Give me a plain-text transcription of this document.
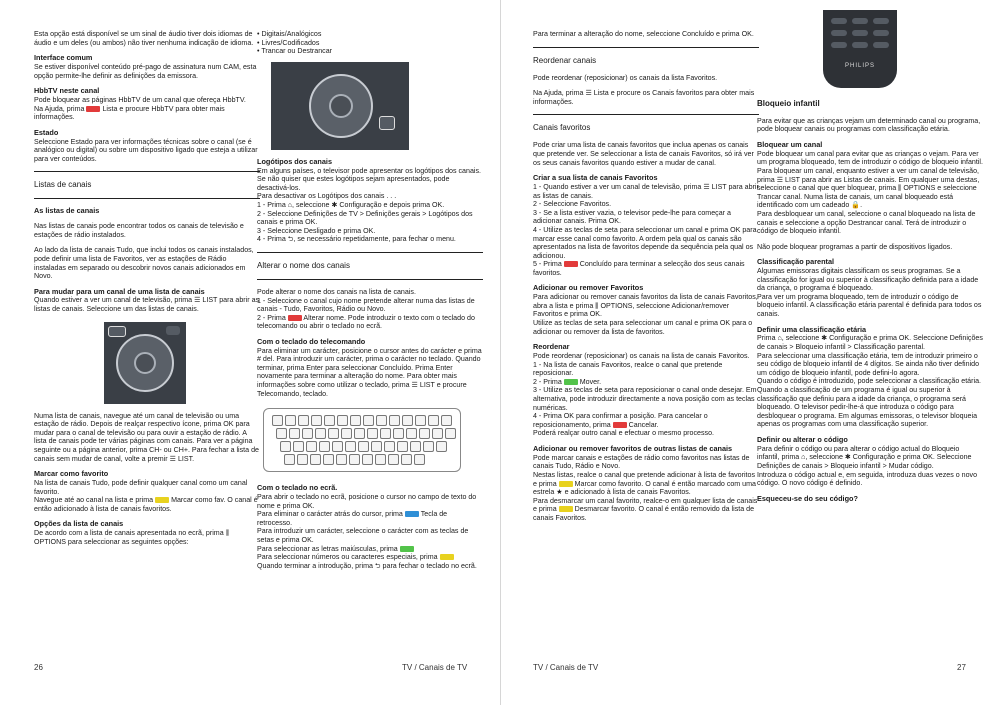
Esta opção está disponível se um sinal de áudio tiver dois idiomas de áudio e um deles (ou ambos) não tiver nenhuma indicação de idioma.

Interface comum

Se estiver disponível conteúdo pré-pago de assinatura num CAM, esta opção permite-lhe definir as definições da emissora.

HbbTV neste canal

Pode bloquear as páginas HbbTV de um canal que ofereça HbbTV.

Na Ajuda, prima	Lista e procure HbbTV para obter mais informações.

Estado

Seleccione Estado para ver informações técnicas sobre o canal (se é analógico ou digital) ou sobre um dispositivo ligado que esteja a utilizar para ver conteúdos.

Listas de canais
As listas de canais

Nas listas de canais pode encontrar todos os canais de televisão e estações de rádio instalados.

Ao lado da lista de canais Tudo, que inclui todos os canais instalados, pode definir uma lista de Favoritos, ver as estações de Rádio instaladas em separado ou descobrir novos canais adicionados em Novo.

Para mudar para um canal de uma lista de canais

Quando estiver a ver um canal de televisão, prima ☰ LIST para abrir as listas de canais. Seleccione um das listas de canais.

Numa lista de canais, navegue até um canal de televisão ou uma estação de rádio. Depois de realçar respectivo ícone, prima OK para mudar para o canal de televisão ou para ouvir a estação de rádio. A lista de canais pode ter várias páginas com canais. Para ver a página seguinte ou a página anterior, prima CH- ou CH+. Para fechar a lista de canais sem mudar de canal, volte a premir ☰ LIST.

Marcar como favorito

Na lista de canais Tudo, pode definir qualquer canal como um canal favorito.

Navegue até ao canal na lista e prima	Marcar como fav. O canal é então adicionado à lista de canais favoritos.

Opções da lista de canais

De acordo com a lista de canais apresentada no ecrã, prima ⫼ OPTIONS para seleccionar as seguintes opções:

• Digitais/Analógicos
• Livres/Codificados
• Trancar ou Destrancar
Logótipos dos canais

Em alguns países, o televisor pode apresentar os logótipos dos canais. Se não quiser que estes logótipos sejam apresentados, pode desactivá-los.

Para desactivar os Logótipos dos canais . . .

1 - Prima ⌂, seleccione ✱ Configuração e depois prima OK.

2 - Seleccione Definições de TV > Definições gerais > Logótipos dos canais e prima OK.

3 - Seleccione Desligado e prima OK.

4 - Prima ⮌, se necessário repetidamente, para fechar o menu.

Alterar o nome dos canais

Pode alterar o nome dos canais na lista de canais.

1 - Seleccione o canal cujo nome pretende alterar numa das listas de canais - Tudo, Favoritos, Rádio ou Novo.

2 - Prima Alterar nome. Pode introduzir o texto com o teclado do telecomando ou abrir o teclado no ecrã.

Com o teclado do telecomando

Para eliminar um carácter, posicione o cursor antes do carácter e prima # del. Para introduzir um carácter, prima o carácter no teclado. Quando terminar, prima Enter para seleccionar Concluído. Prima Enter novamente para terminar a alteração do nome. Para obter mais informações sobre como utilizar o teclado, prima ☰ LIST e procure Telecomando, teclado.

Com o teclado no ecrã.

Para abrir o teclado no ecrã, posicione o cursor no campo de texto do nome e prima OK.

Para eliminar o carácter atrás do cursor, prima	Tecla de retrocesso.

Para introduzir um carácter, seleccione o carácter com as teclas de setas e prima OK.

Para seleccionar as letras maiúsculas, prima

Para seleccionar números ou caracteres especiais, prima

Quando terminar a introdução, prima ⮌ para fechar o teclado no ecrã.

26	TV / Canais de TV

Para terminar a alteração do nome, seleccione Concluído e prima OK.

Reordenar canais

Pode reordenar (reposicionar) os canais da lista Favoritos.

Na Ajuda, prima ☰ Lista e procure os Canais favoritos para obter mais informações.

Canais favoritos

Pode criar uma lista de canais favoritos que inclua apenas os canais que pretende ver. Se seleccionar a lista de canais Favoritos, só irá ver os seus canais favoritos quando estiver a mudar de canal.

Criar a sua lista de canais Favoritos

1 - Quando estiver a ver um canal de televisão, prima ☰ LIST para abrir as listas de canais.

2 - Seleccione Favoritos.

3 - Se a lista estiver vazia, o televisor pede-lhe para começar a adicionar canais. Prima OK.

4 - Utilize as teclas de seta para seleccionar um canal e prima OK para marcar esse canal como favorito. A ordem pela qual os canais são apresentados na lista de favoritos depende da sequência pela qual os adicionou.

5 - Prima	Concluído para terminar a selecção dos seus canais favoritos.

Adicionar ou remover Favoritos

Para adicionar ou remover canais favoritos da lista de canais Favoritos, abra a lista e prima ⫼ OPTIONS, seleccione Adicionar/remover Favoritos e prima OK.

Utilize as teclas de seta para seleccionar um canal e prima OK para o adicionar ou remover da lista de favoritos.

Reordenar

Pode reordenar (reposicionar) os canais na lista de canais Favoritos.

1 - Na lista de canais Favoritos, realce o canal que pretende reposicionar.

2 - Prima	Mover.

3 - Utilize as teclas de seta para reposicionar o canal onde desejar. Em alternativa, pode introduzir directamente a nova posição com as teclas numéricas.

4 - Prima OK para confirmar a posição. Para cancelar o reposicionamento, prima	Cancelar.

Poderá realçar outro canal e efectuar o mesmo processo.

Adicionar ou remover favoritos de outras listas de canais

Pode marcar canais e estações de rádio como favoritos nas listas de canais Tudo, Rádio e Novo.

Nestas listas, realce o canal que pretende adicionar à lista de favoritos e prima	Marcar como favorito. O canal é então marcado com uma estrela ★ e adicionado à lista de canais Favoritos.

Para desmarcar um canal favorito, realce-o em qualquer lista de canais e prima	Desmarcar favorito. O canal é então removido da lista de canais Favoritos.

PHILIPS
Bloqueio infantil

Para evitar que as crianças vejam um determinado canal ou programa, pode bloquear canais ou programas com classificação etária.

Bloquear um canal

Pode bloquear um canal para evitar que as crianças o vejam. Para ver um programa bloqueado, tem de introduzir o código de bloqueio infantil.

Para bloquear um canal, enquanto estiver a ver um canal de televisão, prima ☰ LIST para abrir as Listas de canais. Em qualquer uma destas, seleccione o canal que quer bloquear, prima ⫼ OPTIONS e seleccione Trancar canal. Numa lista de canais, um canal bloqueado está identificado com um cadeado 🔒.

Para desbloquear um canal, seleccione o canal bloqueado na lista de canais e seleccione a opção Destrancar canal. Terá de introduzir o código de bloqueio infantil.

Não pode bloquear programas a partir de dispositivos ligados.

Classificação parental

Algumas emissoras digitais classificam os seus programas. Se a classificação for igual ou superior à classificação definida para a idade da criança, o programa é bloqueado.

Para ver um programa bloqueado, tem de introduzir o código de bloqueio infantil. A classificação etária parental é definida para todos os canais.

Definir uma classificação etária

Prima ⌂, seleccione ✱ Configuração e prima OK. Seleccione Definições de canais > Bloqueio infantil > Classificação parental.

Para seleccionar uma classificação etária, tem de introduzir primeiro o seu código de bloqueio infantil de 4 dígitos. Se ainda não tiver definido um código de bloqueio infantil, pode defini-lo agora.

Quando o código é introduzido, pode seleccionar a classificação etária. Quando a classificação de um programa é igual ou superior à classificação que definiu para a idade da criança, o programa será bloqueado. O televisor pedir-lhe-á que introduza o código para desbloquear o programa. Em algumas emissoras, o televisor bloqueia apenas os programas com uma classificação superior.

Definir ou alterar o código

Para definir o código ou para alterar o código actual do Bloqueio infantil, prima ⌂, seleccione ✱ Configuração e prima OK. Seleccione Definições de canais > Bloqueio infantil > Mudar código.

Introduza o código actual e, em seguida, introduza duas vezes o novo código. O novo código é definido.

Esqueceu-se do seu código?
TV / Canais de TV	27
